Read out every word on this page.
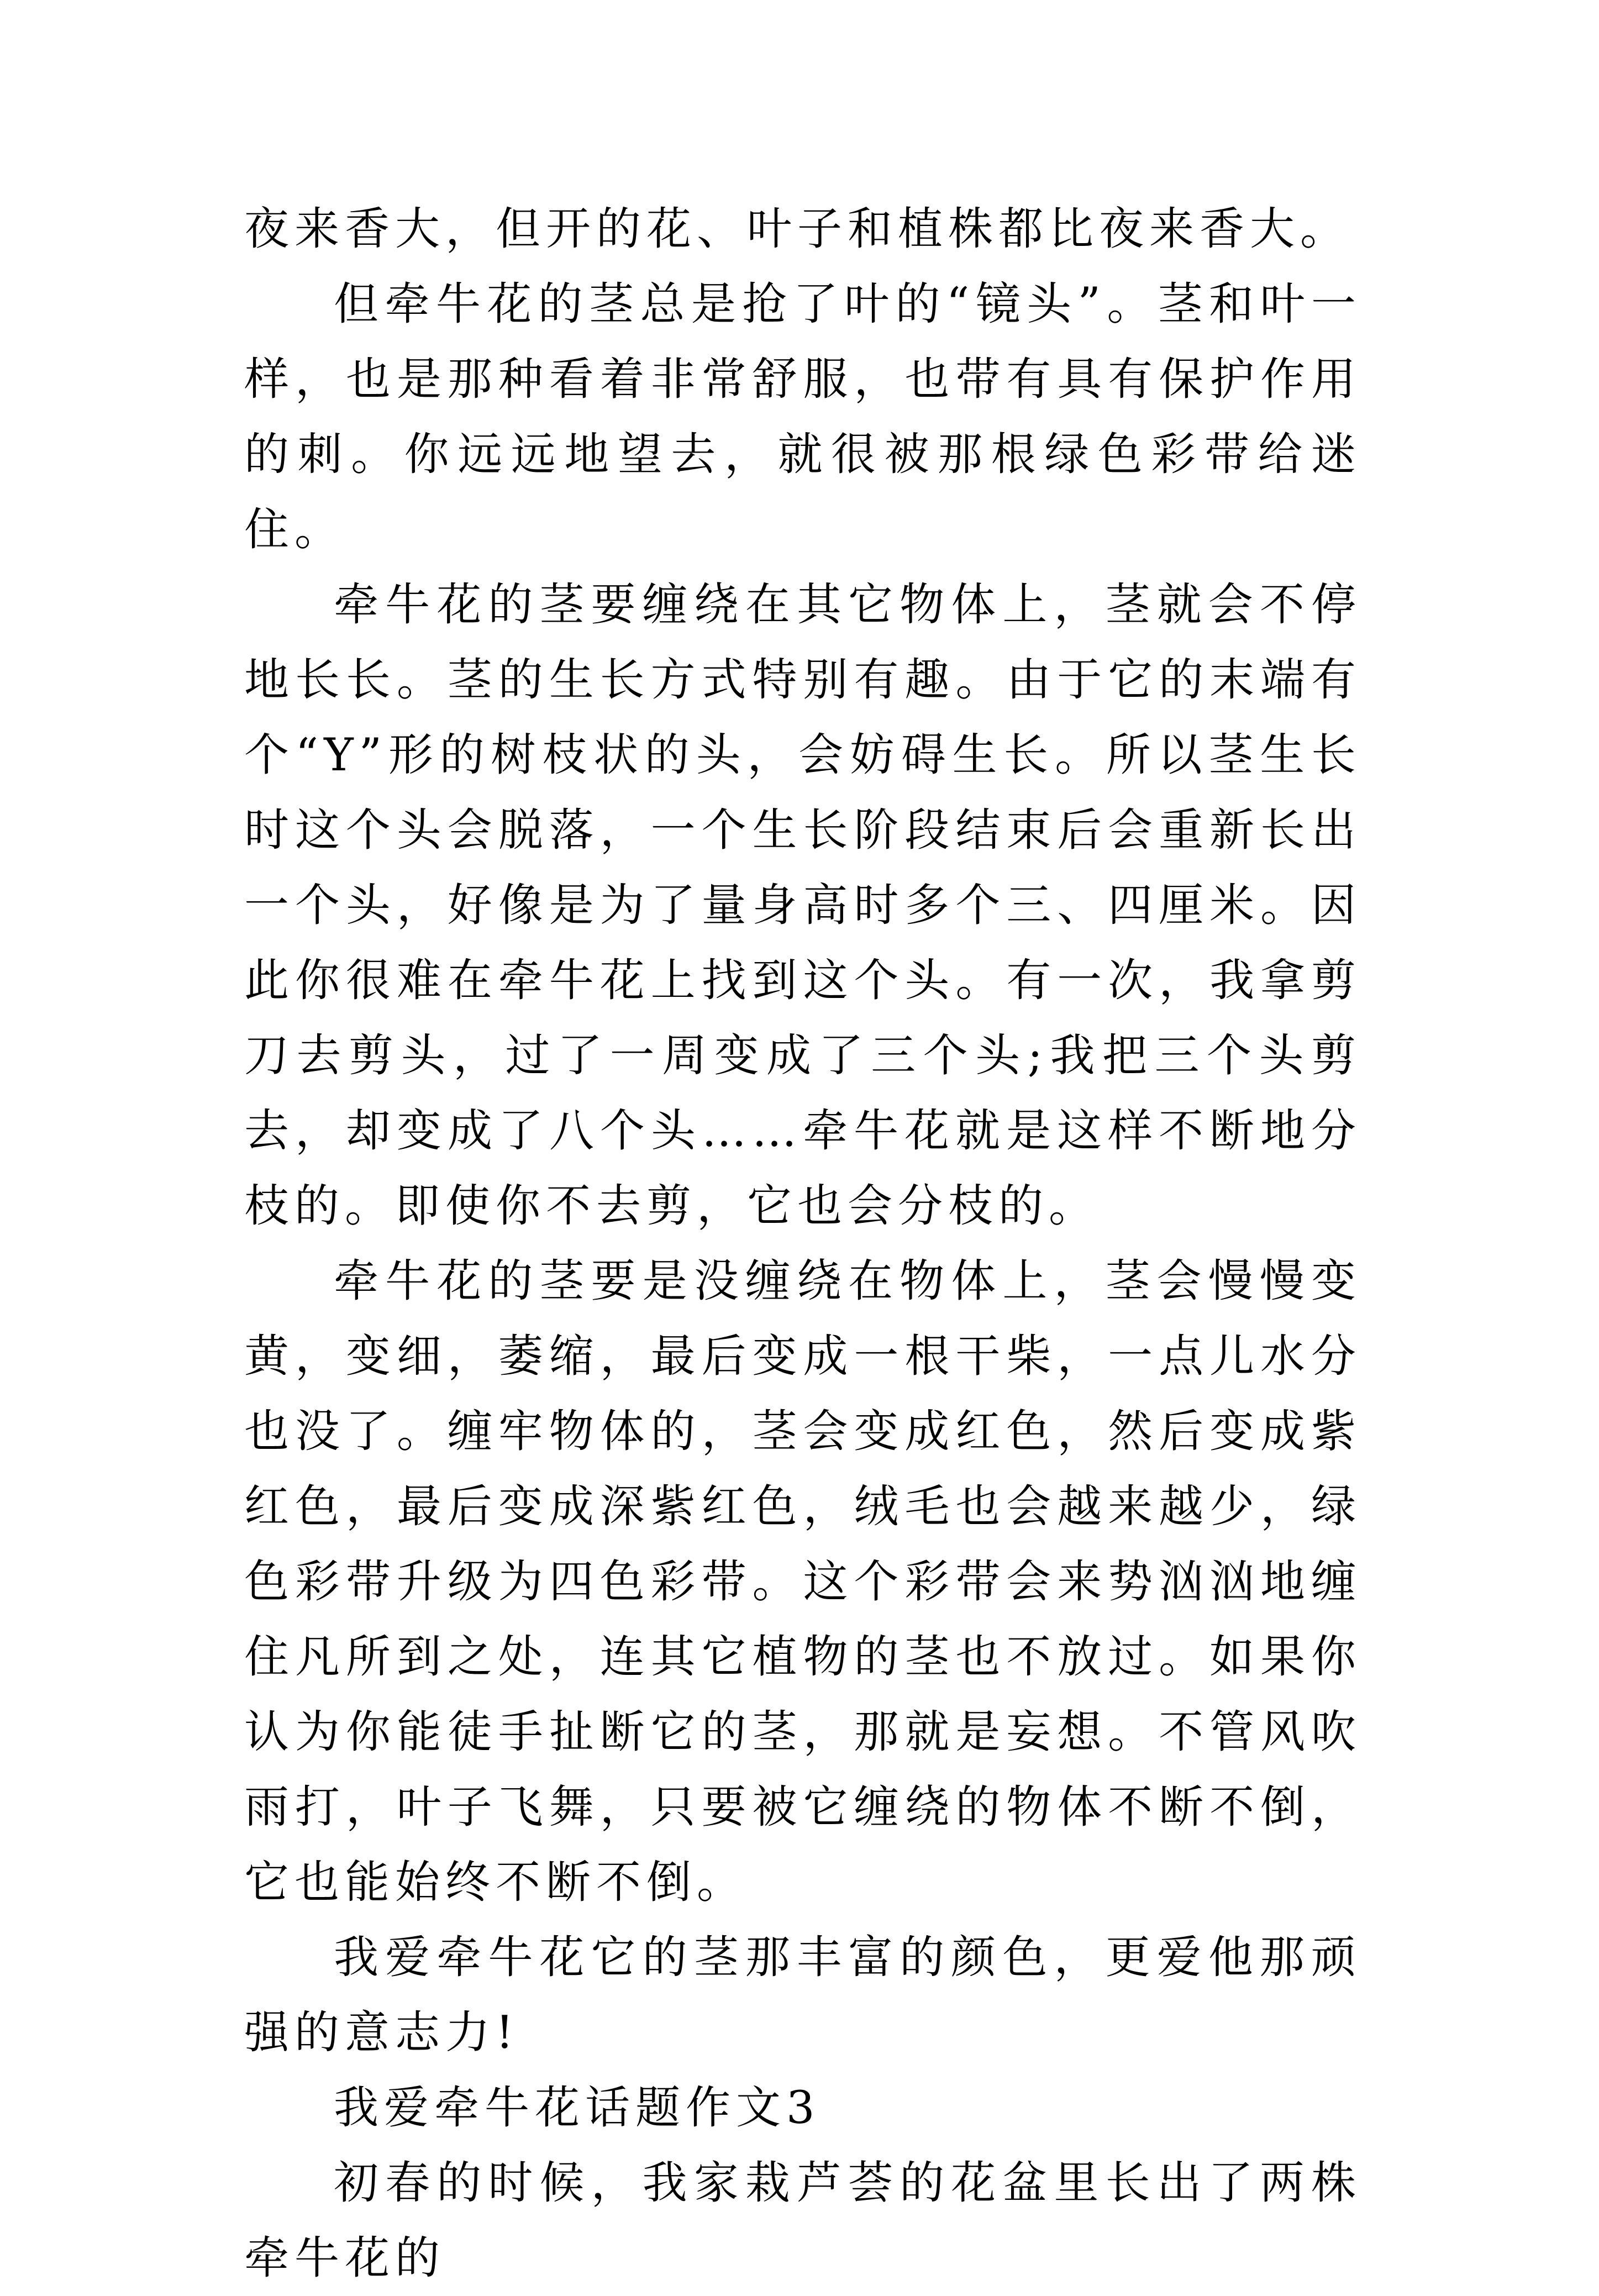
夜来香大，但开的花、叶子和植株都比夜来香大。

但牵牛花的茎总是抢了叶的“镜头”。茎和叶一样，也是那种看着非常舒服，也带有具有保护作用的刺。你远远地望去，就很被那根绿色彩带给迷住。

牵牛花的茎要缠绕在其它物体上，茎就会不停地长长。茎的生长方式特别有趣。由于它的末端有个“Y”形的树枝状的头，会妨碍生长。所以茎生长时这个头会脱落，一个生长阶段结束后会重新长出一个头，好像是为了量身高时多个三、四厘米。因此你很难在牵牛花上找到这个头。有一次，我拿剪刀去剪头，过了一周变成了三个头;我把三个头剪去，却变成了八个头……牵牛花就是这样不断地分枝的。即使你不去剪，它也会分枝的。

牵牛花的茎要是没缠绕在物体上，茎会慢慢变黄，变细，萎缩，最后变成一根干柴，一点儿水分也没了。缠牢物体的，茎会变成红色，然后变成紫红色，最后变成深紫红色，绒毛也会越来越少，绿色彩带升级为四色彩带。这个彩带会来势汹汹地缠住凡所到之处，连其它植物的茎也不放过。如果你认为你能徒手扯断它的茎，那就是妄想。不管风吹雨打，叶子飞舞，只要被它缠绕的物体不断不倒，它也能始终不断不倒。

我爱牵牛花它的茎那丰富的颜色，更爱他那顽强的意志力!

我爱牵牛花话题作文3

初春的时候，我家栽芦荟的花盆里长出了两株牵牛花的
